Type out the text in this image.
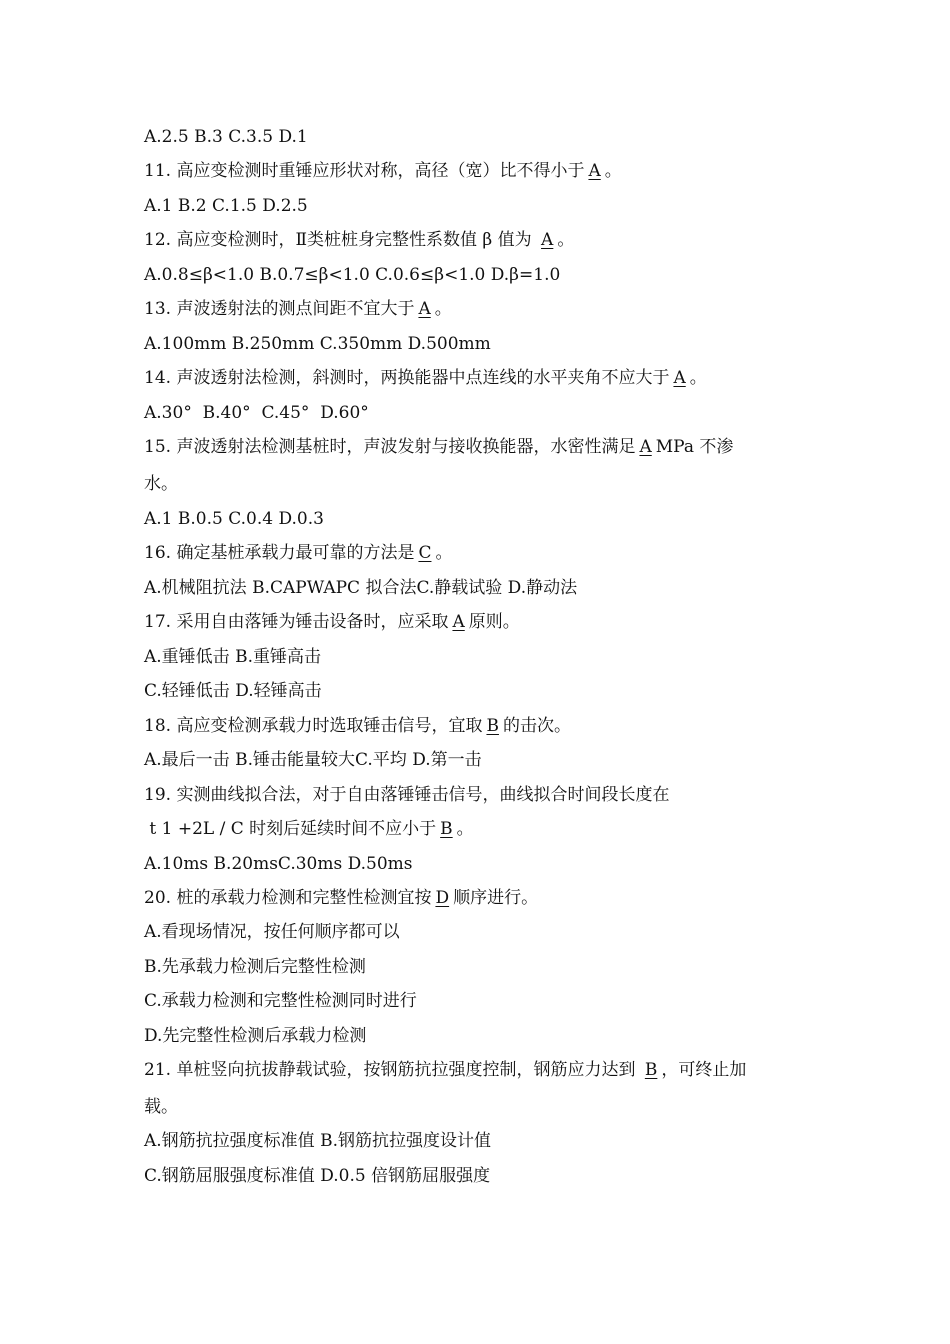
A.2.5 B.3 C.3.5 D.1
11. 高应变检测时重锤应形状对称，高径（宽）比不得小于 A 。
A.1 B.2 C.1.5 D.2.5
12. 高应变检测时，Ⅱ类桩桩身完整性系数值 β 值为 A 。
A.0.8≤β<1.0 B.0.7≤β<1.0 C.0.6≤β<1.0 D.β=1.0
13. 声波透射法的测点间距不宜大于 A 。
A.100mm B.250mm C.350mm D.500mm
14. 声波透射法检测，斜测时，两换能器中点连线的水平夹角不应大于 A 。
A.30°  B.40°  C.45°  D.60°
15. 声波透射法检测基桩时，声波发射与接收换能器，水密性满足 A MPa 不渗
水。
A.1 B.0.5 C.0.4 D.0.3
16. 确定基桩承载力最可靠的方法是 C 。
A.机械阻抗法 B.CAPWAPC 拟合法C.静载试验 D.静动法
17. 采用自由落锤为锤击设备时，应采取 A 原则。
A.重锤低击 B.重锤高击
C.轻锤低击 D.轻锤高击
18. 高应变检测承载力时选取锤击信号，宜取 B 的击次。
A.最后一击 B.锤击能量较大C.平均 D.第一击
19. 实测曲线拟合法，对于自由落锤锤击信号，曲线拟合时间段长度在
t 1 +2L / C 时刻后延续时间不应小于 B 。
A.10ms B.20msC.30ms D.50ms
20. 桩的承载力检测和完整性检测宜按 D 顺序进行。
A.看现场情况，按任何顺序都可以
B.先承载力检测后完整性检测
C.承载力检测和完整性检测同时进行
D.先完整性检测后承载力检测
21. 单桩竖向抗拔静载试验，按钢筋抗拉强度控制，钢筋应力达到 B ，可终止加
载。
A.钢筋抗拉强度标准值 B.钢筋抗拉强度设计值
C.钢筋屈服强度标准值 D.0.5 倍钢筋屈服强度
